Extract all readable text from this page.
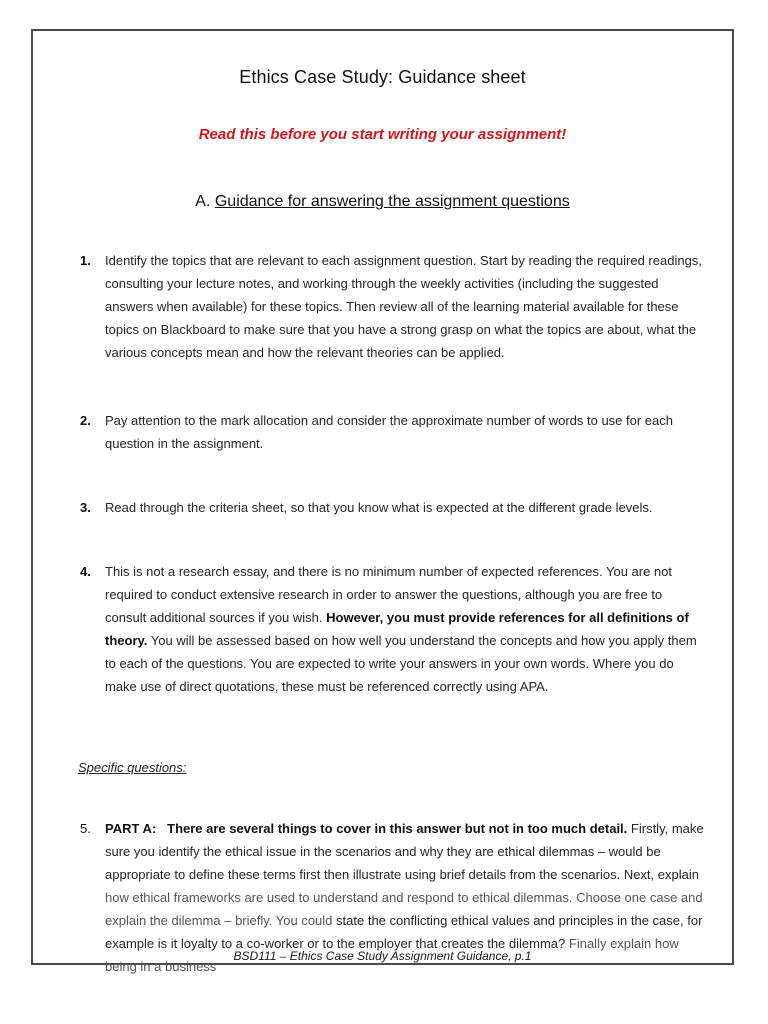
Ethics Case Study: Guidance sheet
Read this before you start writing your assignment!
A. Guidance for answering the assignment questions
1. Identify the topics that are relevant to each assignment question. Start by reading the required readings, consulting your lecture notes, and working through the weekly activities (including the suggested answers when available) for these topics. Then review all of the learning material available for these topics on Blackboard to make sure that you have a strong grasp on what the topics are about, what the various concepts mean and how the relevant theories can be applied.
2. Pay attention to the mark allocation and consider the approximate number of words to use for each question in the assignment.
3. Read through the criteria sheet, so that you know what is expected at the different grade levels.
4. This is not a research essay, and there is no minimum number of expected references. You are not required to conduct extensive research in order to answer the questions, although you are free to consult additional sources if you wish. However, you must provide references for all definitions of theory. You will be assessed based on how well you understand the concepts and how you apply them to each of the questions. You are expected to write your answers in your own words. Where you do make use of direct quotations, these must be referenced correctly using APA.
Specific questions:
5. PART A: There are several things to cover in this answer but not in too much detail. Firstly, make sure you identify the ethical issue in the scenarios and why they are ethical dilemmas – would be appropriate to define these terms first then illustrate using brief details from the scenarios. Next, explain how ethical frameworks are used to understand and respond to ethical dilemmas. Choose one case and explain the dilemma – briefly. You could state the conflicting ethical values and principles in the case, for example is it loyalty to a co-worker or to the employer that creates the dilemma? Finally explain how being in a business
BSD111 – Ethics Case Study Assignment Guidance, p.1
